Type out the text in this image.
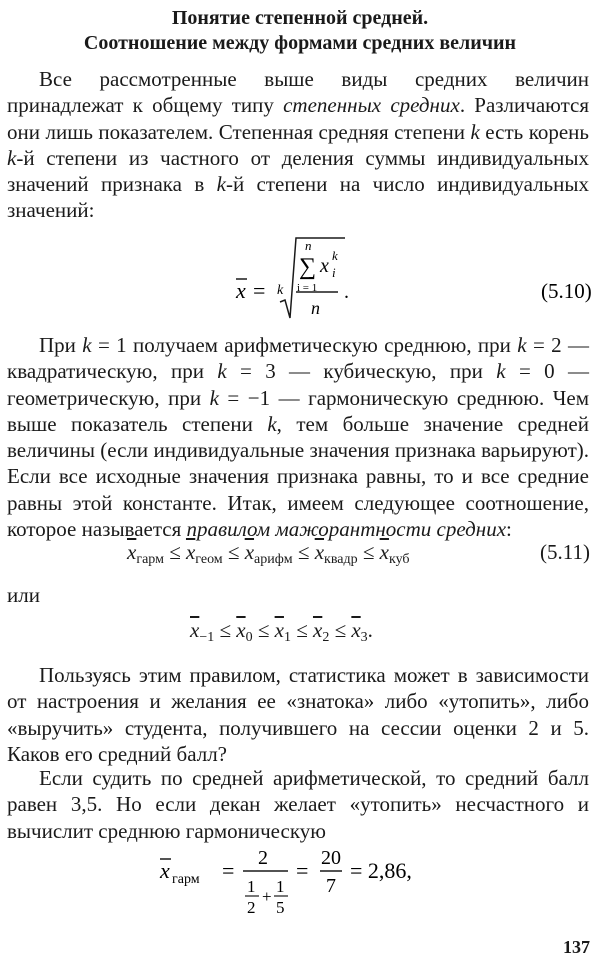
Понятие степенной средней.
Соотношение между формами средних величин
Все рассмотренные выше виды средних величин принадлежат к общему типу степенных средних. Различаются они лишь показателем. Степенная средняя степени k есть корень k-й степени из частного от деления суммы индивидуальных значений признака в k-й степени на число индивидуальных значений:
x = k
n
∑ x k
i
i = 1
n
.	(5.10)
При k = 1 получаем арифметическую среднюю, при k = 2 — квадратическую, при k = 3 — кубическую, при k = 0 — геометрическую, при k = −1 — гармоническую среднюю. Чем выше показатель степени k, тем больше значение средней величины (если индивидуальные значения признака варьируют). Если все исходные значения признака равны, то и все средние равны этой константе. Итак, имеем следующее соотношение, которое называется правилом мажорантности средних:
$\overline{x}_{гарм} \le \overline{x}_{геом} \le \overline{x}_{арифм} \le \overline{x}_{квадр} \le \overline{x}_{куб}$	(5.11)
или
$\overline{x}_{-1} \le \overline{x}_0 \le \overline{x}_1 \le \overline{x}_2 \le \overline{x}_3$.
Пользуясь этим правилом, статистика может в зависимости от настроения и желания ее «знатока» либо «утопить», либо «выручить» студента, получившего на сессии оценки 2 и 5. Каков его средний балл?
Если судить по средней арифметической, то средний балл равен 3,5. Но если декан желает «утопить» несчастного и вычислит среднюю гармоническую
x гарм = 2
1
2
+
1
5
= 20
7
= 2,86,
137
